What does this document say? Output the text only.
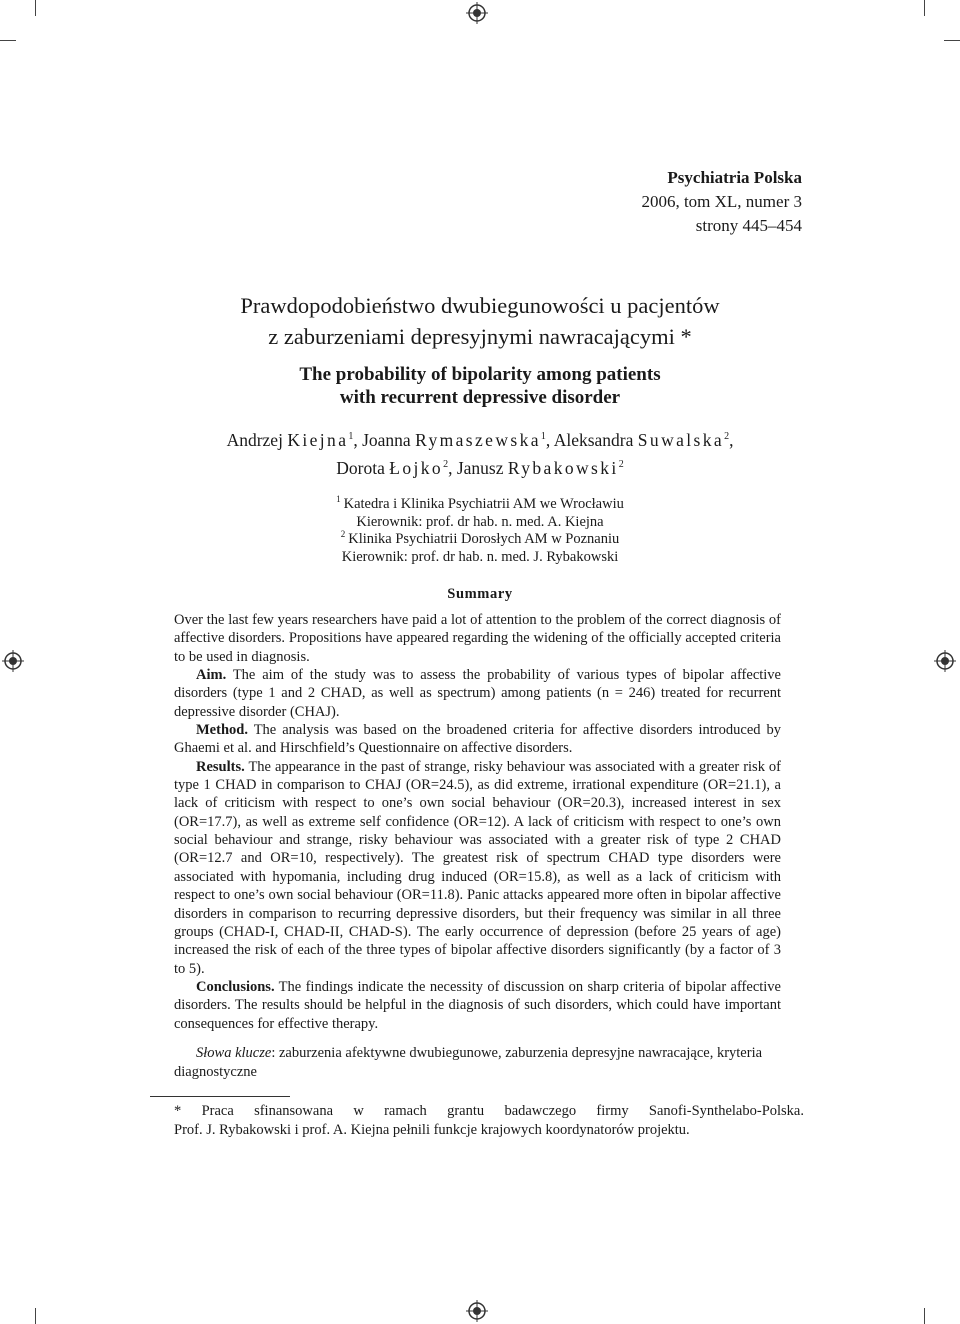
Psychiatria Polska
2006, tom XL, numer 3
strony 445–454
Prawdopodobieństwo dwubiegunowości u pacjentów
z zaburzeniami depresyjnymi nawracającymi *
The probability of bipolarity among patients
with recurrent depressive disorder
Andrzej Kiejna$^1$, Joanna Rymaszewska$^1$, Aleksandra Suwalska$^2$,
Dorota Łojko$^2$, Janusz Rybakowski$^2$
$^1$ Katedra i Klinika Psychiatrii AM we Wrocławiu
Kierownik: prof. dr hab. n. med. A. Kiejna
$^2$ Klinika Psychiatrii Dorosłych AM w Poznaniu
Kierownik: prof. dr hab. n. med. J. Rybakowski
Summary

Over the last few years researchers have paid a lot of attention to the problem of the correct diagnosis of affective disorders. Propositions have appeared regarding the widening of the officially accepted criteria to be used in diagnosis.

Aim. The aim of the study was to assess the probability of various types of bipolar affective disorders (type 1 and 2 CHAD, as well as spectrum) among patients (n = 246) treated for recurrent depressive disorder (CHAJ).

Method. The analysis was based on the broadened criteria for affective disorders introduced by Ghaemi et al. and Hirschfield’s Questionnaire on affective disorders.

Results. The appearance in the past of strange, risky behaviour was associated with a greater risk of type 1 CHAD in comparison to CHAJ (OR=24.5), as did extreme, irrational expenditure (OR=21.1), a lack of criticism with respect to one’s own social behaviour (OR=20.3), increased interest in sex (OR=17.7), as well as extreme self confidence (OR=12). A lack of criticism with respect to one’s own social behaviour and strange, risky behaviour was associated with a greater risk of type 2 CHAD (OR=12.7 and OR=10, respectively). The greatest risk of spectrum CHAD type disorders were associated with hypomania, including drug induced (OR=15.8), as well as a lack of criticism with respect to one’s own social behaviour (OR=11.8). Panic attacks appeared more often in bipolar affective disorders in comparison to recurring depressive disorders, but their frequency was similar in all three groups (CHAD-I, CHAD-II, CHAD-S). The early occurrence of depression (before 25 years of age) increased the risk of each of the three types of bipolar affective disorders significantly (by a factor of 3 to 5).

Conclusions. The findings indicate the necessity of discussion on sharp criteria of bipolar affective disorders. The results should be helpful in the diagnosis of such disorders, which could have important consequences for effective therapy.

Słowa klucze: zaburzenia afektywne dwubiegunowe, zaburzenia depresyjne nawracające, kryteria diagnostyczne
* Praca sfinansowana w ramach grantu badawczego firmy Sanofi-Synthelabo-Polska.
Prof. J. Rybakowski i prof. A. Kiejna pełnili funkcje krajowych koordynatorów projektu.
